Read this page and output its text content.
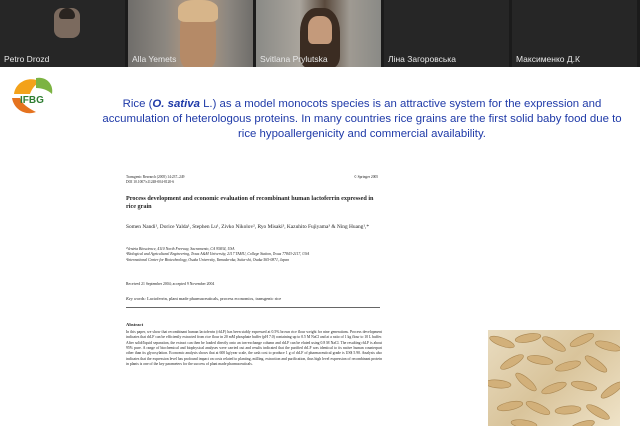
Petro Drozd	Alla Yemets	Svitlana Prylutska	Ліна Загоровська	Максименко Д.К
IFBG	Rice (O. sativa L.) as a model monocots species is an attractive system for the expression and accumulation of heterologous proteins. In many countries rice grains are the first solid baby food due to rice hypoallergenicity and commercial availability.
Transgenic Research (2005) 14:237–249
DOI 10.1007/s11248-004-8120-6
© Springer 2005
Process development and economic evaluation of recombinant human lactoferrin expressed in rice grain
Somen Nandi¹, Dorice Yalda¹, Stephen Lu¹, Zivko Nikolov², Ryo Misaki³, Kazuhito Fujiyama³ & Ning Huang¹,*
¹Ventria Bioscience, 4110 North Freeway, Sacramento, CA 95834, USA
²Biological and Agricultural Engineering, Texas A&M University, 2117 TAMU, College Station, Texas 77843-2117, USA
³International Center for Biotechnology, Osaka University, Yamada-oka, Suita-shi, Osaka 565-0871, Japan
Received 21 September 2004; accepted 9 November 2004
Key words: Lactoferrin, plant made pharmaceuticals, process economics, transgenic rice
Abstract
In this paper, we show that recombinant human lactoferrin (rhLF) has been stably expressed at 0.5% brown rice flour weight for nine generations. Process development indicates that rhLF can be efficiently extracted from rice flour in 20 mM phosphate buffer (pH 7.0) containing up to 0.5 M NaCl and at a ratio of 1 kg flour to 10 L buffer. After solid/liquid separation, the extract can then be loaded directly onto an ion-exchange column and rhLF can be eluted using 0.8 M NaCl. The resulting rhLF is about 95% pure. A range of biochemical and biophysical analyses were carried out and results indicated that the purified rhLF was identical to its native human counterpart other than its glycosylation. Economic analysis shows that at 600 kg/year scale, the cash cost to produce 1 g of rhLF of pharmaceutical grade is US$ 5.90. Analysis also indicates that the expression level has profound impact on costs related to planting, milling, extraction and purification, thus high level expression of recombinant protein in plants is one of the key parameters for the success of plant made pharmaceuticals.
